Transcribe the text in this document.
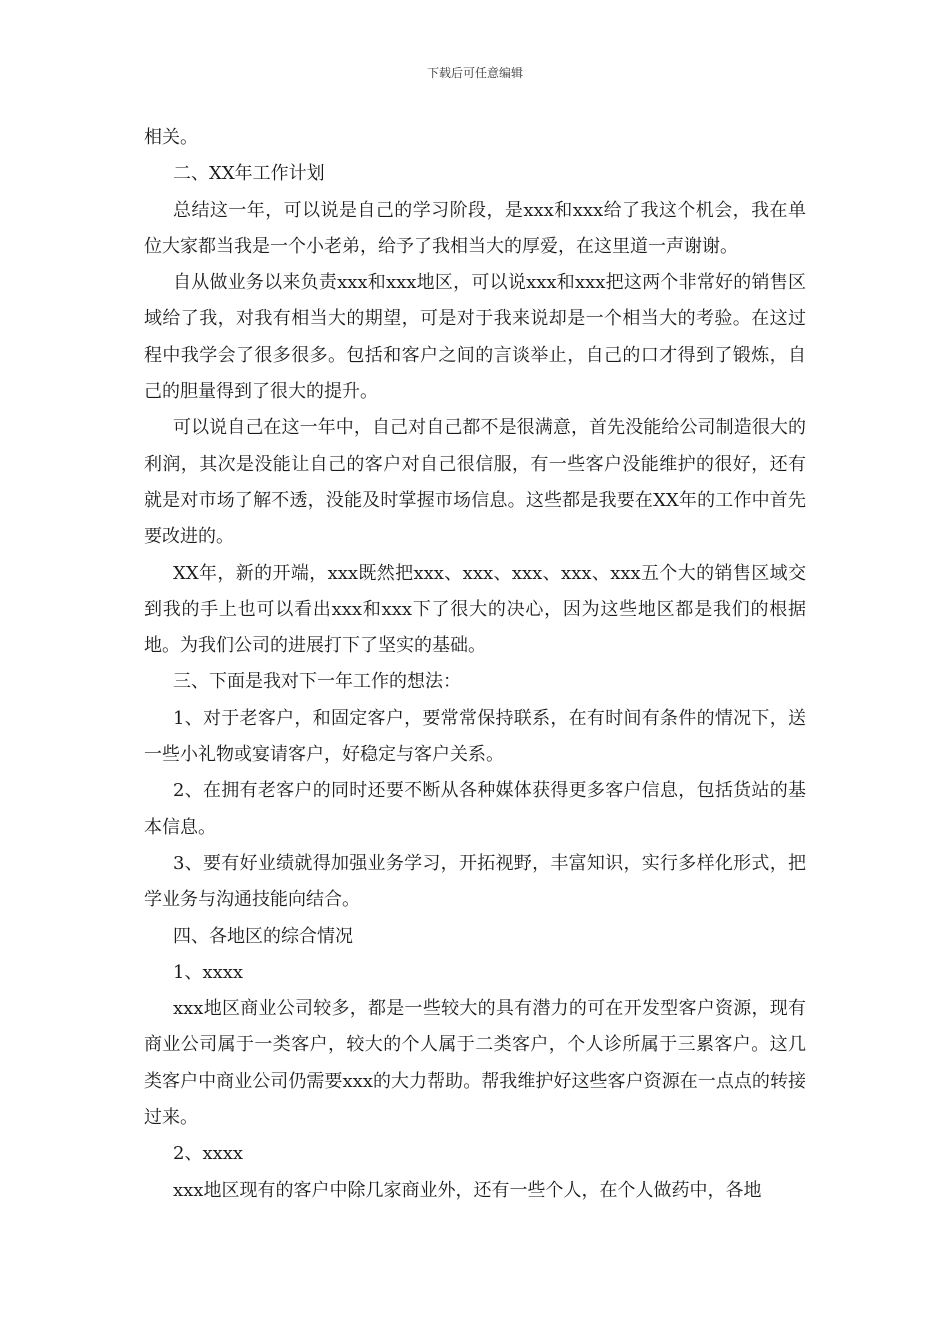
下载后可任意编辑

相关。

二、XX年工作计划

总结这一年，可以说是自己的学习阶段，是xxx和xxx给了我这个机会，我在单位大家都当我是一个小老弟，给予了我相当大的厚爱，在这里道一声谢谢。

自从做业务以来负责xxx和xxx地区，可以说xxx和xxx把这两个非常好的销售区域给了我，对我有相当大的期望，可是对于我来说却是一个相当大的考验。在这过程中我学会了很多很多。包括和客户之间的言谈举止，自己的口才得到了锻炼，自己的胆量得到了很大的提升。

可以说自己在这一年中，自己对自己都不是很满意，首先没能给公司制造很大的利润，其次是没能让自己的客户对自己很信服，有一些客户没能维护的很好，还有就是对市场了解不透，没能及时掌握市场信息。这些都是我要在XX年的工作中首先要改进的。

XX年，新的开端，xxx既然把xxx、xxx、xxx、xxx、xxx五个大的销售区域交到我的手上也可以看出xxx和xxx下了很大的决心，因为这些地区都是我们的根据地。为我们公司的进展打下了坚实的基础。

三、下面是我对下一年工作的想法：

1、对于老客户，和固定客户，要常常保持联系，在有时间有条件的情况下，送一些小礼物或宴请客户，好稳定与客户关系。

2、在拥有老客户的同时还要不断从各种媒体获得更多客户信息，包括货站的基本信息。

3、要有好业绩就得加强业务学习，开拓视野，丰富知识，实行多样化形式，把学业务与沟通技能向结合。

四、各地区的综合情况

1、xxxx

xxx地区商业公司较多，都是一些较大的具有潜力的可在开发型客户资源，现有商业公司属于一类客户，较大的个人属于二类客户，个人诊所属于三累客户。这几类客户中商业公司仍需要xxx的大力帮助。帮我维护好这些客户资源在一点点的转接过来。

2、xxxx

xxx地区现有的客户中除几家商业外，还有一些个人，在个人做药中，各地
